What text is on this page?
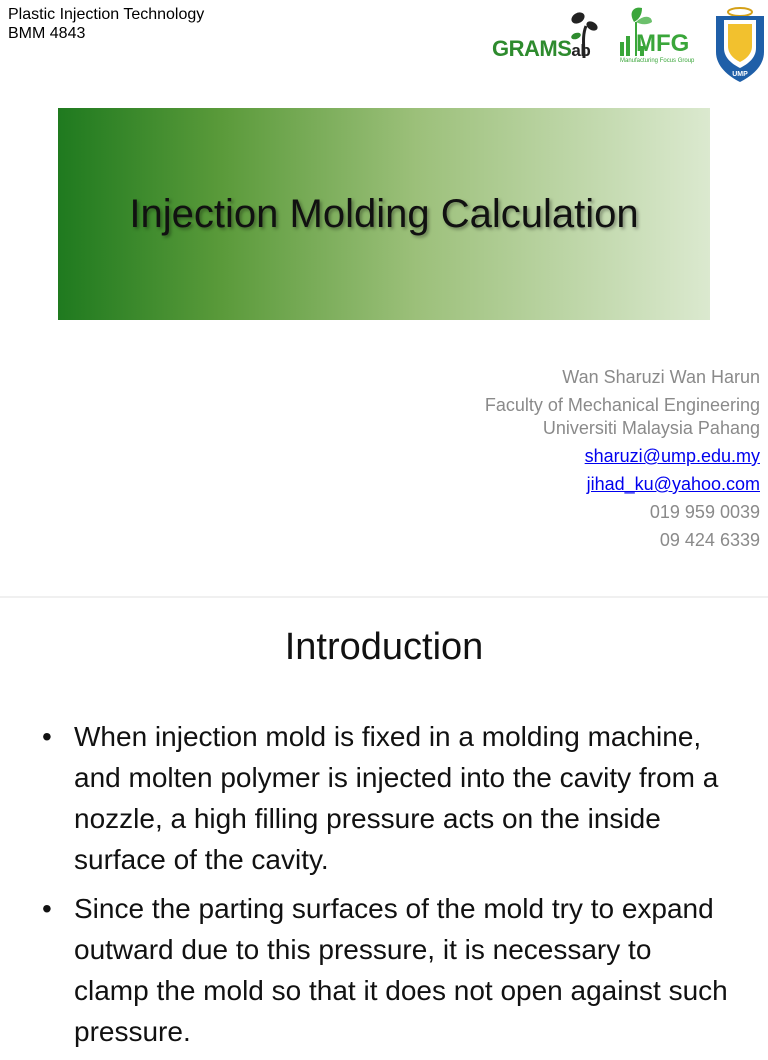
Plastic Injection Technology
BMM 4843
GRAMSab MFG
Manufacturing Focus Group
UMP
Injection Molding Calculation
Wan Sharuzi Wan Harun
Faculty of Mechanical Engineering
Universiti Malaysia Pahang
sharuzi@ump.edu.my
jihad_ku@yahoo.com
019 959 0039
09 424 6339
Introduction
• When injection mold is fixed in a molding machine, and molten polymer is injected into the cavity from a nozzle, a high filling pressure acts on the inside surface of the cavity.
• Since the parting surfaces of the mold try to expand outward due to this pressure, it is necessary to clamp the mold so that it does not open against such pressure.
